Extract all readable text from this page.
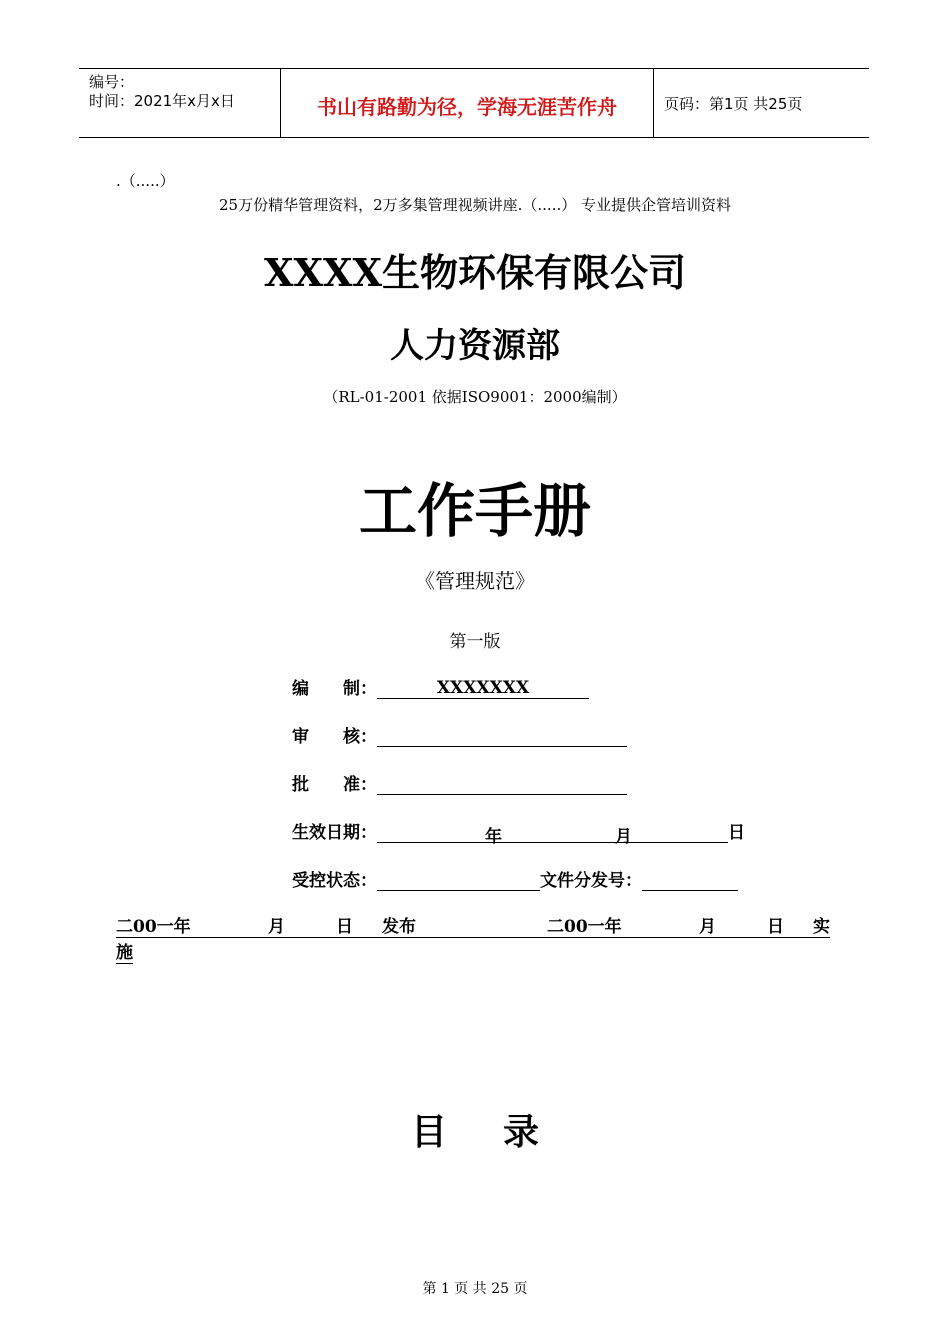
编号：
时间：2021年x月x日	书山有路勤为径，学海无涯苦作舟	页码：第1页 共25页
.（.....）
25万份精华管理资料，2万多集管理视频讲座.（.....） 专业提供企管培训资料
XXXX生物环保有限公司
人力资源部
（RL-01-2001 依据ISO9001：2000编制）
工作手册
《管理规范》
第一版
编　　制：	XXXXXXX
审　　核：
批　　准：
生效日期：	年	月	日
受控状态：	文件分发号：
二00一年	月	日 发布	二00一年	月	日 实
施
目 录
第 1 页 共 25 页
